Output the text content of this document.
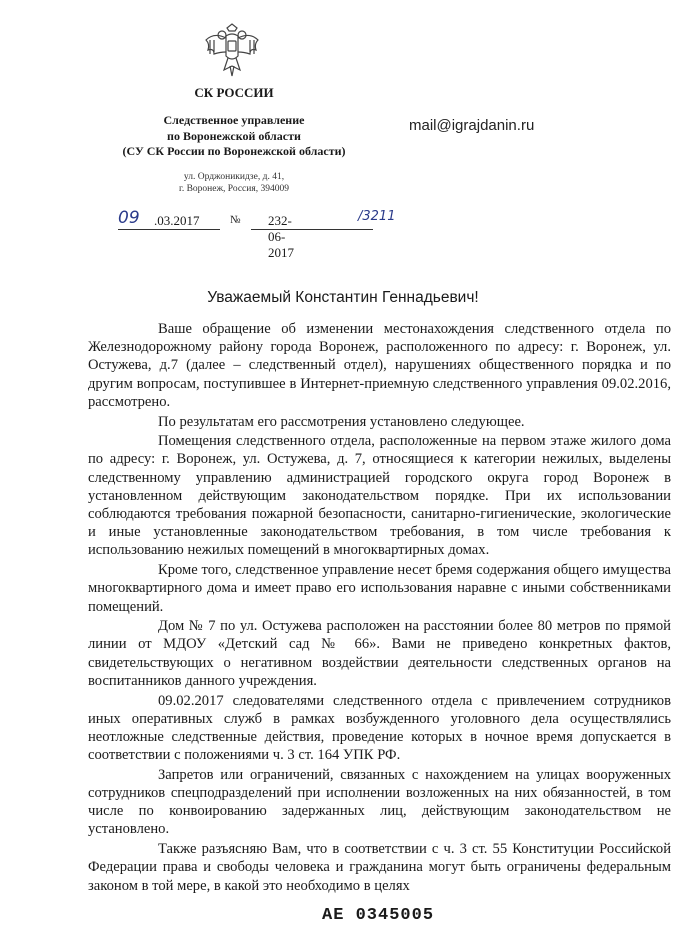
СК РОССИИ
Следственное управление
по Воронежской области
(СУ СК России по Воронежской области)
ул. Орджоникидзе, д. 41,
г. Воронеж, Россия, 394009
mail@igrajdanin.ru
09 .03.2017	№ 232-06-2017
/3211
Уважаемый Константин Геннадьевич!

Ваше обращение об изменении местонахождения следственного отдела по Железнодорожному району города Воронеж, расположенного по адресу: г. Воронеж, ул. Остужева, д.7 (далее – следственный отдел), нарушениях общественного порядка и по другим вопросам, поступившее в Интернет-приемную следственного управления 09.02.2016, рассмотрено.

По результатам его рассмотрения установлено следующее.

Помещения следственного отдела, расположенные на первом этаже жилого дома по адресу: г. Воронеж, ул. Остужева, д. 7, относящиеся к категории нежилых, выделены следственному управлению администрацией городского округа город Воронеж в установленном действующим законодательством порядке. При их использовании соблюдаются требования пожарной безопасности, санитарно-гигиенические, экологические и иные установленные законодательством требования, в том числе требования к использованию нежилых помещений в многоквартирных домах.

Кроме того, следственное управление несет бремя содержания общего имущества многоквартирного дома и имеет право его использования наравне с иными собственниками помещений.

Дом № 7 по ул. Остужева расположен на расстоянии более 80 метров по прямой линии от МДОУ «Детский сад № 66». Вами не приведено конкретных фактов, свидетельствующих о негативном воздействии деятельности следственных органов на воспитанников данного учреждения.

09.02.2017 следователями следственного отдела с привлечением сотрудников иных оперативных служб в рамках возбужденного уголовного дела осуществлялись неотложные следственные действия, проведение которых в ночное время допускается в соответствии с положениями ч. 3 ст. 164 УПК РФ.

Запретов или ограничений, связанных с нахождением на улицах вооруженных сотрудников спецподразделений при исполнении возложенных на них обязанностей, в том числе по конвоированию задержанных лиц, действующим законодательством не установлено.

Также разъясняю Вам, что в соответствии с ч. 3 ст. 55 Конституции Российской Федерации права и свободы человека и гражданина могут быть ограничены федеральным законом в той мере, в какой это необходимо в целях

АЕ 0345005
